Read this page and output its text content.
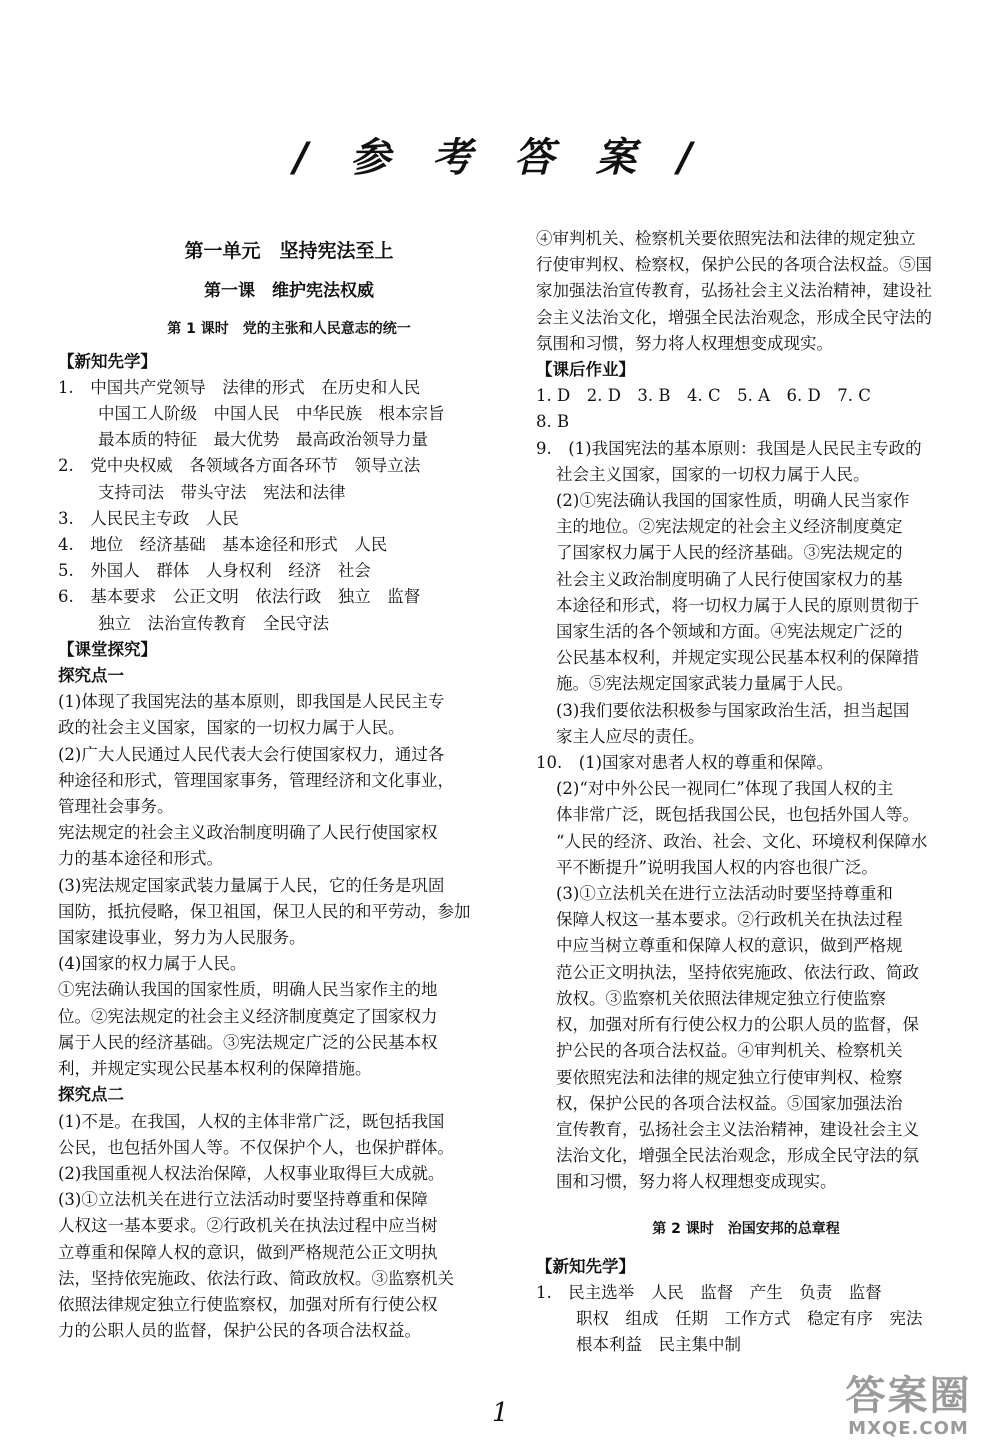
/ 参 考 答 案 /
第一单元　坚持宪法至上
第一课　维护宪法权威
第 1 课时　党的主张和人民意志的统一

【新知先学】

1.　中国共产党领导　法律的形式　在历史和人民

中国工人阶级　中国人民　中华民族　根本宗旨

最本质的特征　最大优势　最高政治领导力量

2.　党中央权威　各领域各方面各环节　领导立法

支持司法　带头守法　宪法和法律

3.　人民民主专政　人民

4.　地位　经济基础　基本途径和形式　人民

5.　外国人　群体　人身权利　经济　社会

6.　基本要求　公正文明　依法行政　独立　监督

独立　法治宣传教育　全民守法

【课堂探究】

探究点一

(1)体现了我国宪法的基本原则，即我国是人民民主专

政的社会主义国家，国家的一切权力属于人民。

(2)广大人民通过人民代表大会行使国家权力，通过各

种途径和形式，管理国家事务，管理经济和文化事业，

管理社会事务。

宪法规定的社会主义政治制度明确了人民行使国家权

力的基本途径和形式。

(3)宪法规定国家武装力量属于人民，它的任务是巩固

国防，抵抗侵略，保卫祖国，保卫人民的和平劳动，参加

国家建设事业，努力为人民服务。

(4)国家的权力属于人民。

①宪法确认我国的国家性质，明确人民当家作主的地

位。②宪法规定的社会主义经济制度奠定了国家权力

属于人民的经济基础。③宪法规定广泛的公民基本权

利，并规定实现公民基本权利的保障措施。

探究点二

(1)不是。在我国，人权的主体非常广泛，既包括我国

公民，也包括外国人等。不仅保护个人，也保护群体。

(2)我国重视人权法治保障，人权事业取得巨大成就。

(3)①立法机关在进行立法活动时要坚持尊重和保障

人权这一基本要求。②行政机关在执法过程中应当树

立尊重和保障人权的意识，做到严格规范公正文明执

法，坚持依宪施政、依法行政、简政放权。③监察机关

依照法律规定独立行使监察权，加强对所有行使公权

力的公职人员的监督，保护公民的各项合法权益。

④审判机关、检察机关要依照宪法和法律的规定独立

行使审判权、检察权，保护公民的各项合法权益。⑤国

家加强法治宣传教育，弘扬社会主义法治精神，建设社

会主义法治文化，增强全民法治观念，形成全民守法的

氛围和习惯，努力将人权理想变成现实。

【课后作业】

1. D　2. D　3. B　4. C　5. A　6. D　7. C

8. B

9.　(1)我国宪法的基本原则：我国是人民民主专政的

社会主义国家，国家的一切权力属于人民。

(2)①宪法确认我国的国家性质，明确人民当家作

主的地位。②宪法规定的社会主义经济制度奠定

了国家权力属于人民的经济基础。③宪法规定的

社会主义政治制度明确了人民行使国家权力的基

本途径和形式，将一切权力属于人民的原则贯彻于

国家生活的各个领域和方面。④宪法规定广泛的

公民基本权利，并规定实现公民基本权利的保障措

施。⑤宪法规定国家武装力量属于人民。

(3)我们要依法积极参与国家政治生活，担当起国

家主人应尽的责任。

10.　(1)国家对患者人权的尊重和保障。

(2)“对中外公民一视同仁”体现了我国人权的主

体非常广泛，既包括我国公民，也包括外国人等。

“人民的经济、政治、社会、文化、环境权利保障水

平不断提升”说明我国人权的内容也很广泛。

(3)①立法机关在进行立法活动时要坚持尊重和

保障人权这一基本要求。②行政机关在执法过程

中应当树立尊重和保障人权的意识，做到严格规

范公正文明执法，坚持依宪施政、依法行政、简政

放权。③监察机关依照法律规定独立行使监察

权，加强对所有行使公权力的公职人员的监督，保

护公民的各项合法权益。④审判机关、检察机关

要依照宪法和法律的规定独立行使审判权、检察

权，保护公民的各项合法权益。⑤国家加强法治

宣传教育，弘扬社会主义法治精神，建设社会主义

法治文化，增强全民法治观念，形成全民守法的氛

围和习惯，努力将人权理想变成现实。

第 2 课时　治国安邦的总章程

【新知先学】

1.　民主选举　人民　监督　产生　负责　监督

职权　组成　任期　工作方式　稳定有序　宪法

根本利益　民主集中制

1	答案圈
MXQE.COM
